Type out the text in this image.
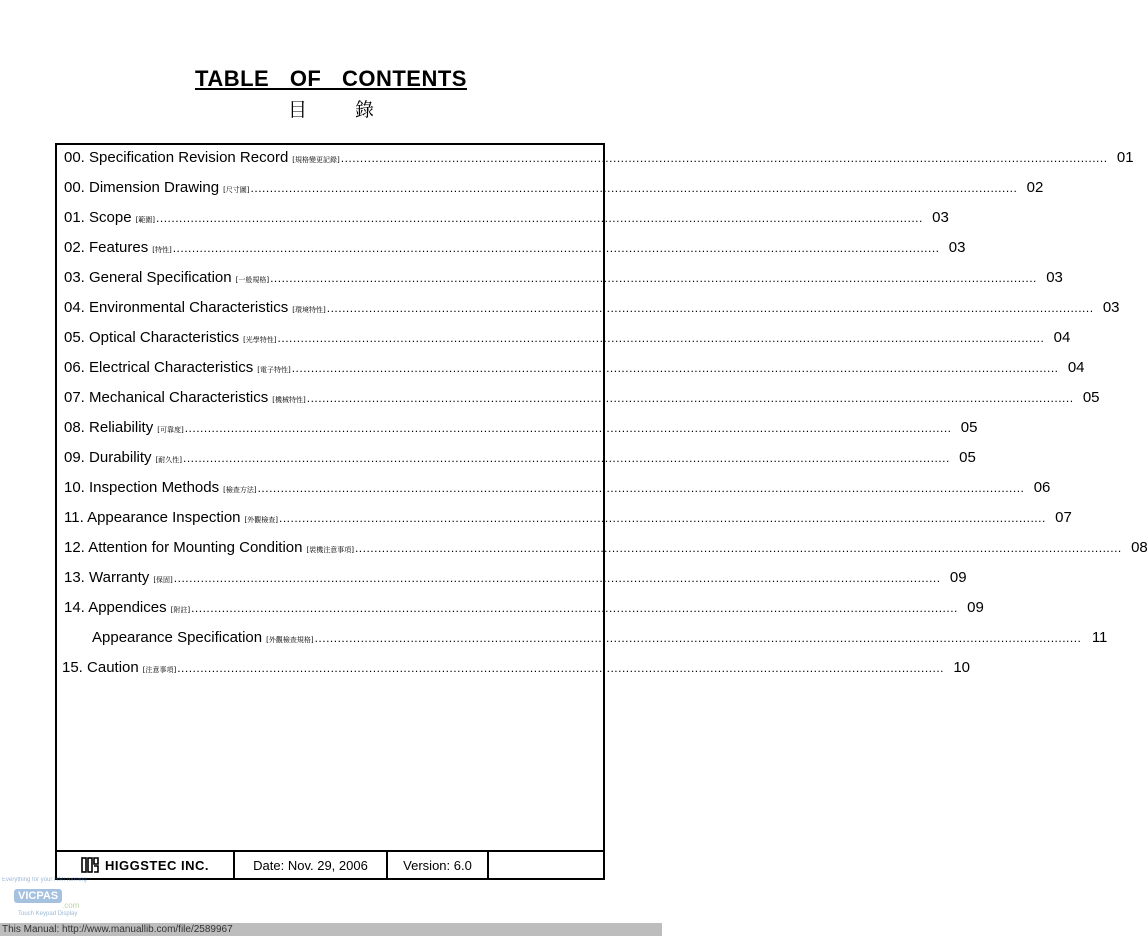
TABLE OF CONTENTS
目	錄
00. Specification Revision Record [規格變更記錄] ........................................................................................................................................................................................................ 01
00. Dimension Drawing [尺寸圖] ........................................................................................................................................................................................................ 02
01. Scope [範圍] ........................................................................................................................................................................................................ 03
02. Features [特性] ........................................................................................................................................................................................................ 03
03. General Specification [一般規格] ........................................................................................................................................................................................................ 03
04. Environmental Characteristics [環境特性] ........................................................................................................................................................................................................ 03
05. Optical Characteristics [光學特性] ........................................................................................................................................................................................................ 04
06. Electrical Characteristics [電子特性] ........................................................................................................................................................................................................ 04
07. Mechanical Characteristics [機械特性] ........................................................................................................................................................................................................ 05
08. Reliability [可靠度] ........................................................................................................................................................................................................ 05
09. Durability [耐久性] ........................................................................................................................................................................................................ 05
10. Inspection Methods [檢查方法] ........................................................................................................................................................................................................ 06
11. Appearance Inspection [外觀檢查] ........................................................................................................................................................................................................ 07
12. Attention for Mounting Condition [裝機注意事項] ........................................................................................................................................................................................................ 08
13. Warranty [保固] ........................................................................................................................................................................................................ 09
14. Appendices [附註] ........................................................................................................................................................................................................ 09
Appearance Specification [外觀檢查規格] ........................................................................................................................................................................................................ 11
15. Caution [注意事項] ........................................................................................................................................................................................................ 10
HIGGSTEC INC.	Date: Nov. 29, 2006	Version: 6.0
Everything for your HMI running
VICPAS
.com
Touch Keypad Display
This Manual: http://www.manuallib.com/file/2589967
